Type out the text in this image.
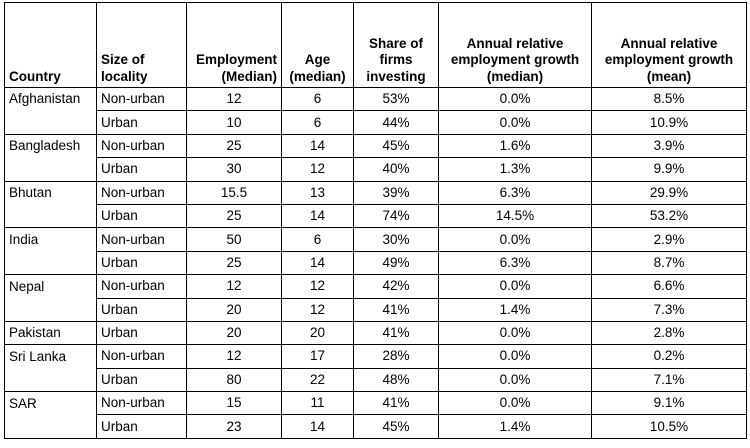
Country	Size of locality	Employment (Median)	Age (median)	Share of firms investing	Annual relative employment growth (median)	Annual relative employment growth (mean)
Afghanistan	Non-urban	12	6	53%	0.0%	8.5%
	Urban	10	6	44%	0.0%	10.9%
Bangladesh	Non-urban	25	14	45%	1.6%	3.9%
	Urban	30	12	40%	1.3%	9.9%
Bhutan	Non-urban	15.5	13	39%	6.3%	29.9%
	Urban	25	14	74%	14.5%	53.2%
India	Non-urban	50	6	30%	0.0%	2.9%
	Urban	25	14	49%	6.3%	8.7%
Nepal	Non-urban	12	12	42%	0.0%	6.6%
	Urban	20	12	41%	1.4%	7.3%
Pakistan	Urban	20	20	41%	0.0%	2.8%
Sri Lanka	Non-urban	12	17	28%	0.0%	0.2%
	Urban	80	22	48%	0.0%	7.1%
SAR	Non-urban	15	11	41%	0.0%	9.1%
	Urban	23	14	45%	1.4%	10.5%
